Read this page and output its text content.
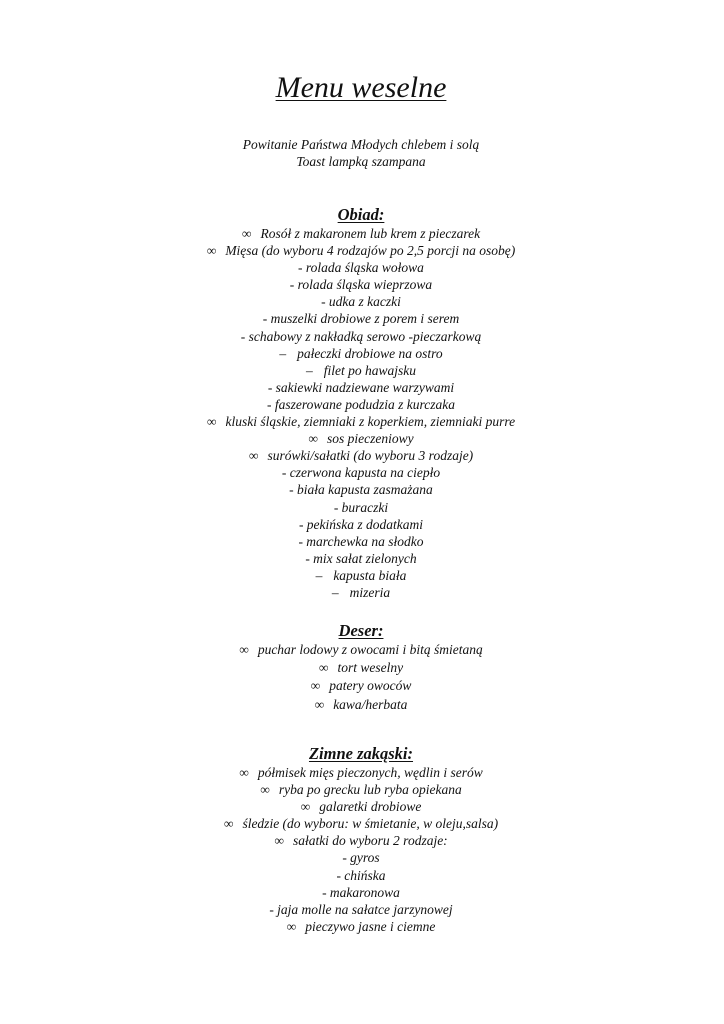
Menu weselne
Powitanie Państwa Młodych chlebem i solą
Toast lampką szampana
Obiad:
∞ Rosół z makaronem lub krem z pieczarek
∞ Mięsa (do wyboru 4 rodzajów po 2,5 porcji na osobę)
- rolada śląska wołowa
- rolada śląska wieprzowa
- udka z kaczki
- muszelki drobiowe z porem i serem
- schabowy z nakładką serowo -pieczarkową
– pałeczki drobiowe na ostro
– filet po hawajsku
- sakiewki nadziewane warzywami
- faszerowane podudzia z kurczaka
∞ kluski śląskie, ziemniaki z koperkiem, ziemniaki purre
∞ sos pieczeniowy
∞ surówki/sałatki (do wyboru 3 rodzaje)
- czerwona kapusta na ciepło
- biała kapusta zasmażana
- buraczki
- pekińska z dodatkami
- marchewka na słodko
- mix sałat zielonych
– kapusta biała
– mizeria
Deser:
∞ puchar lodowy z owocami i bitą śmietaną
∞ tort weselny
∞ patery owoców
∞ kawa/herbata
Zimne zakąski:
∞ półmisek mięs pieczonych, wędlin i serów
∞ ryba po grecku lub ryba opiekana
∞ galaretki drobiowe
∞ śledzie (do wyboru: w śmietanie, w oleju,salsa)
∞ sałatki do wyboru 2 rodzaje:
- gyros
- chińska
- makaronowa
- jaja molle na sałatce jarzynowej
∞ pieczywo jasne i ciemne
